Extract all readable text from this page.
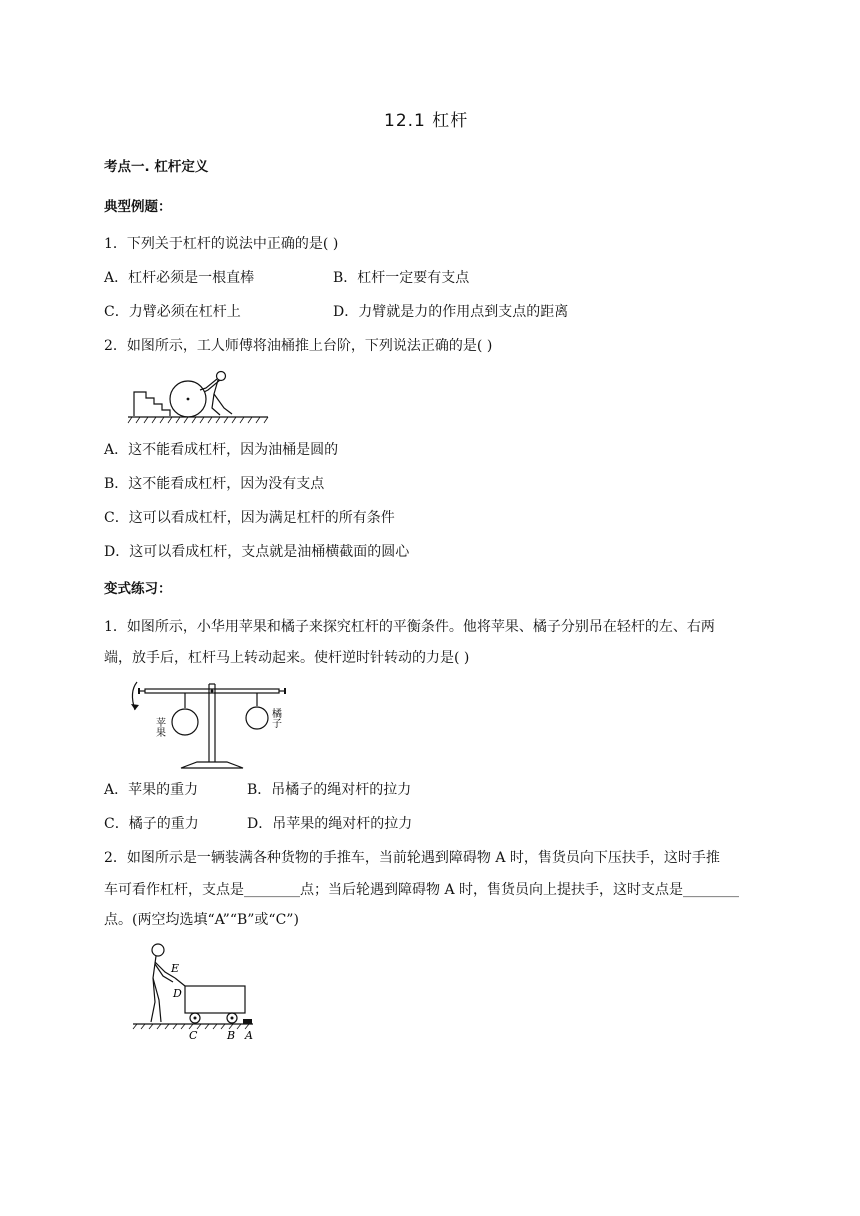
12.1 杠杆
考点一. 杠杆定义
典型例题：
1．下列关于杠杆的说法中正确的是( )
A．杠杆必须是一根直棒	B．杠杆一定要有支点
C．力臂必须在杠杆上	D．力臂就是力的作用点到支点的距离
2．如图所示，工人师傅将油桶推上台阶，下列说法正确的是( )
A．这不能看成杠杆，因为油桶是圆的
B．这不能看成杠杆，因为没有支点
C．这可以看成杠杆，因为满足杠杆的所有条件
D．这可以看成杠杆，支点就是油桶横截面的圆心
变式练习：
1．如图所示，小华用苹果和橘子来探究杠杆的平衡条件。他将苹果、橘子分别吊在轻杆的左、右两
端，放手后，杠杆马上转动起来。使杆逆时针转动的力是( )
苹果	橘子
A．苹果的重力	B．吊橘子的绳对杆的拉力
C．橘子的重力	D．吊苹果的绳对杆的拉力
2．如图所示是一辆装满各种货物的手推车，当前轮遇到障碍物 A 时，售货员向下压扶手，这时手推
车可看作杠杆，支点是________点；当后轮遇到障碍物 A 时，售货员向上提扶手，这时支点是________
点。(两空均选填“A”“B”或“C”)
E
D
C	B A
